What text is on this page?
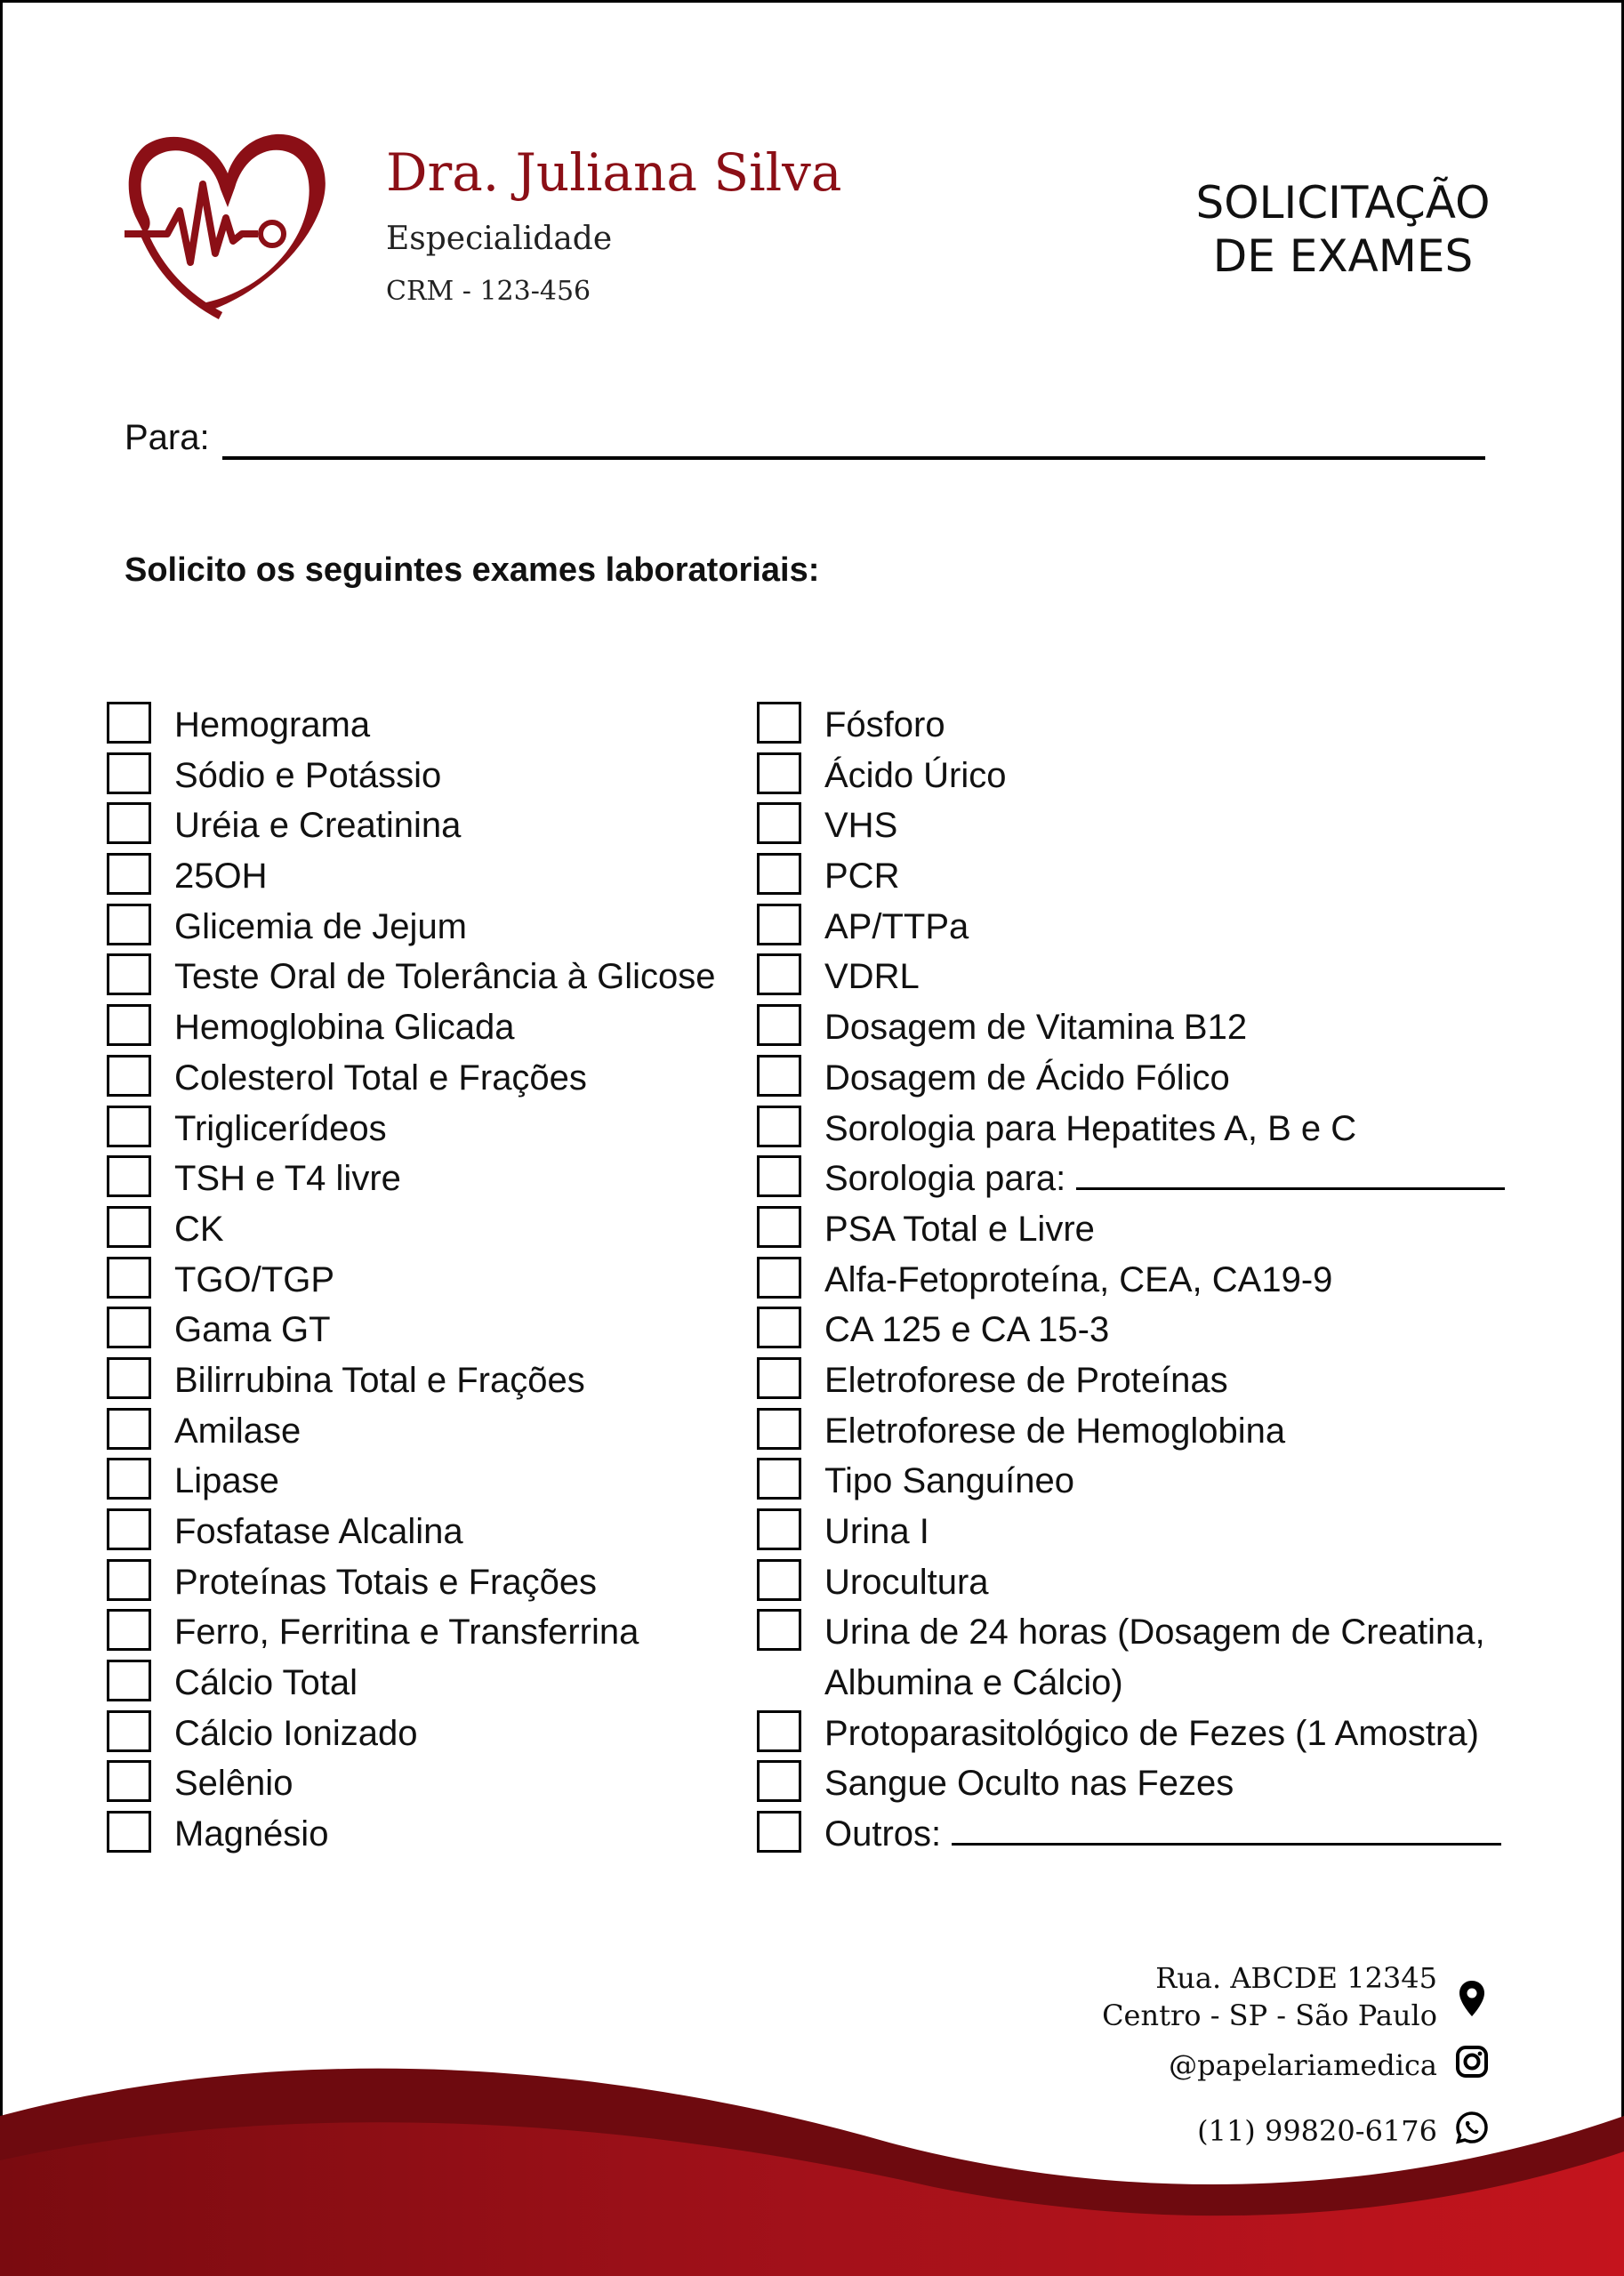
Dra. Juliana Silva
Especialidade
CRM - 123-456
SOLICITAÇÃO
DE EXAMES
Para:
Solicito os seguintes exames laboratoriais:
Hemograma
Sódio e Potássio
Uréia e Creatinina
25OH
Glicemia de Jejum
Teste Oral de Tolerância à Glicose
Hemoglobina Glicada
Colesterol Total e Frações
Triglicerídeos
TSH e T4 livre
CK
TGO/TGP
Gama GT
Bilirrubina Total e Frações
Amilase
Lipase
Fosfatase Alcalina
Proteínas Totais e Frações
Ferro, Ferritina e Transferrina
Cálcio Total
Cálcio Ionizado
Selênio
Magnésio
Fósforo
Ácido Úrico
VHS
PCR
AP/TTPa
VDRL
Dosagem de Vitamina B12
Dosagem de Ácido Fólico
Sorologia para Hepatites A, B e C
Sorologia para:
PSA Total e Livre
Alfa-Fetoproteína, CEA, CA19-9
CA 125 e CA 15-3
Eletroforese de Proteínas
Eletroforese de Hemoglobina
Tipo Sanguíneo
Urina I
Urocultura
Urina de 24 horas (Dosagem de Creatina,
Albumina e Cálcio)
Protoparasitológico de Fezes (1 Amostra)
Sangue Oculto nas Fezes
Outros:
Rua. ABCDE 12345
Centro - SP - São Paulo
@papelariamedica
(11) 99820-6176
